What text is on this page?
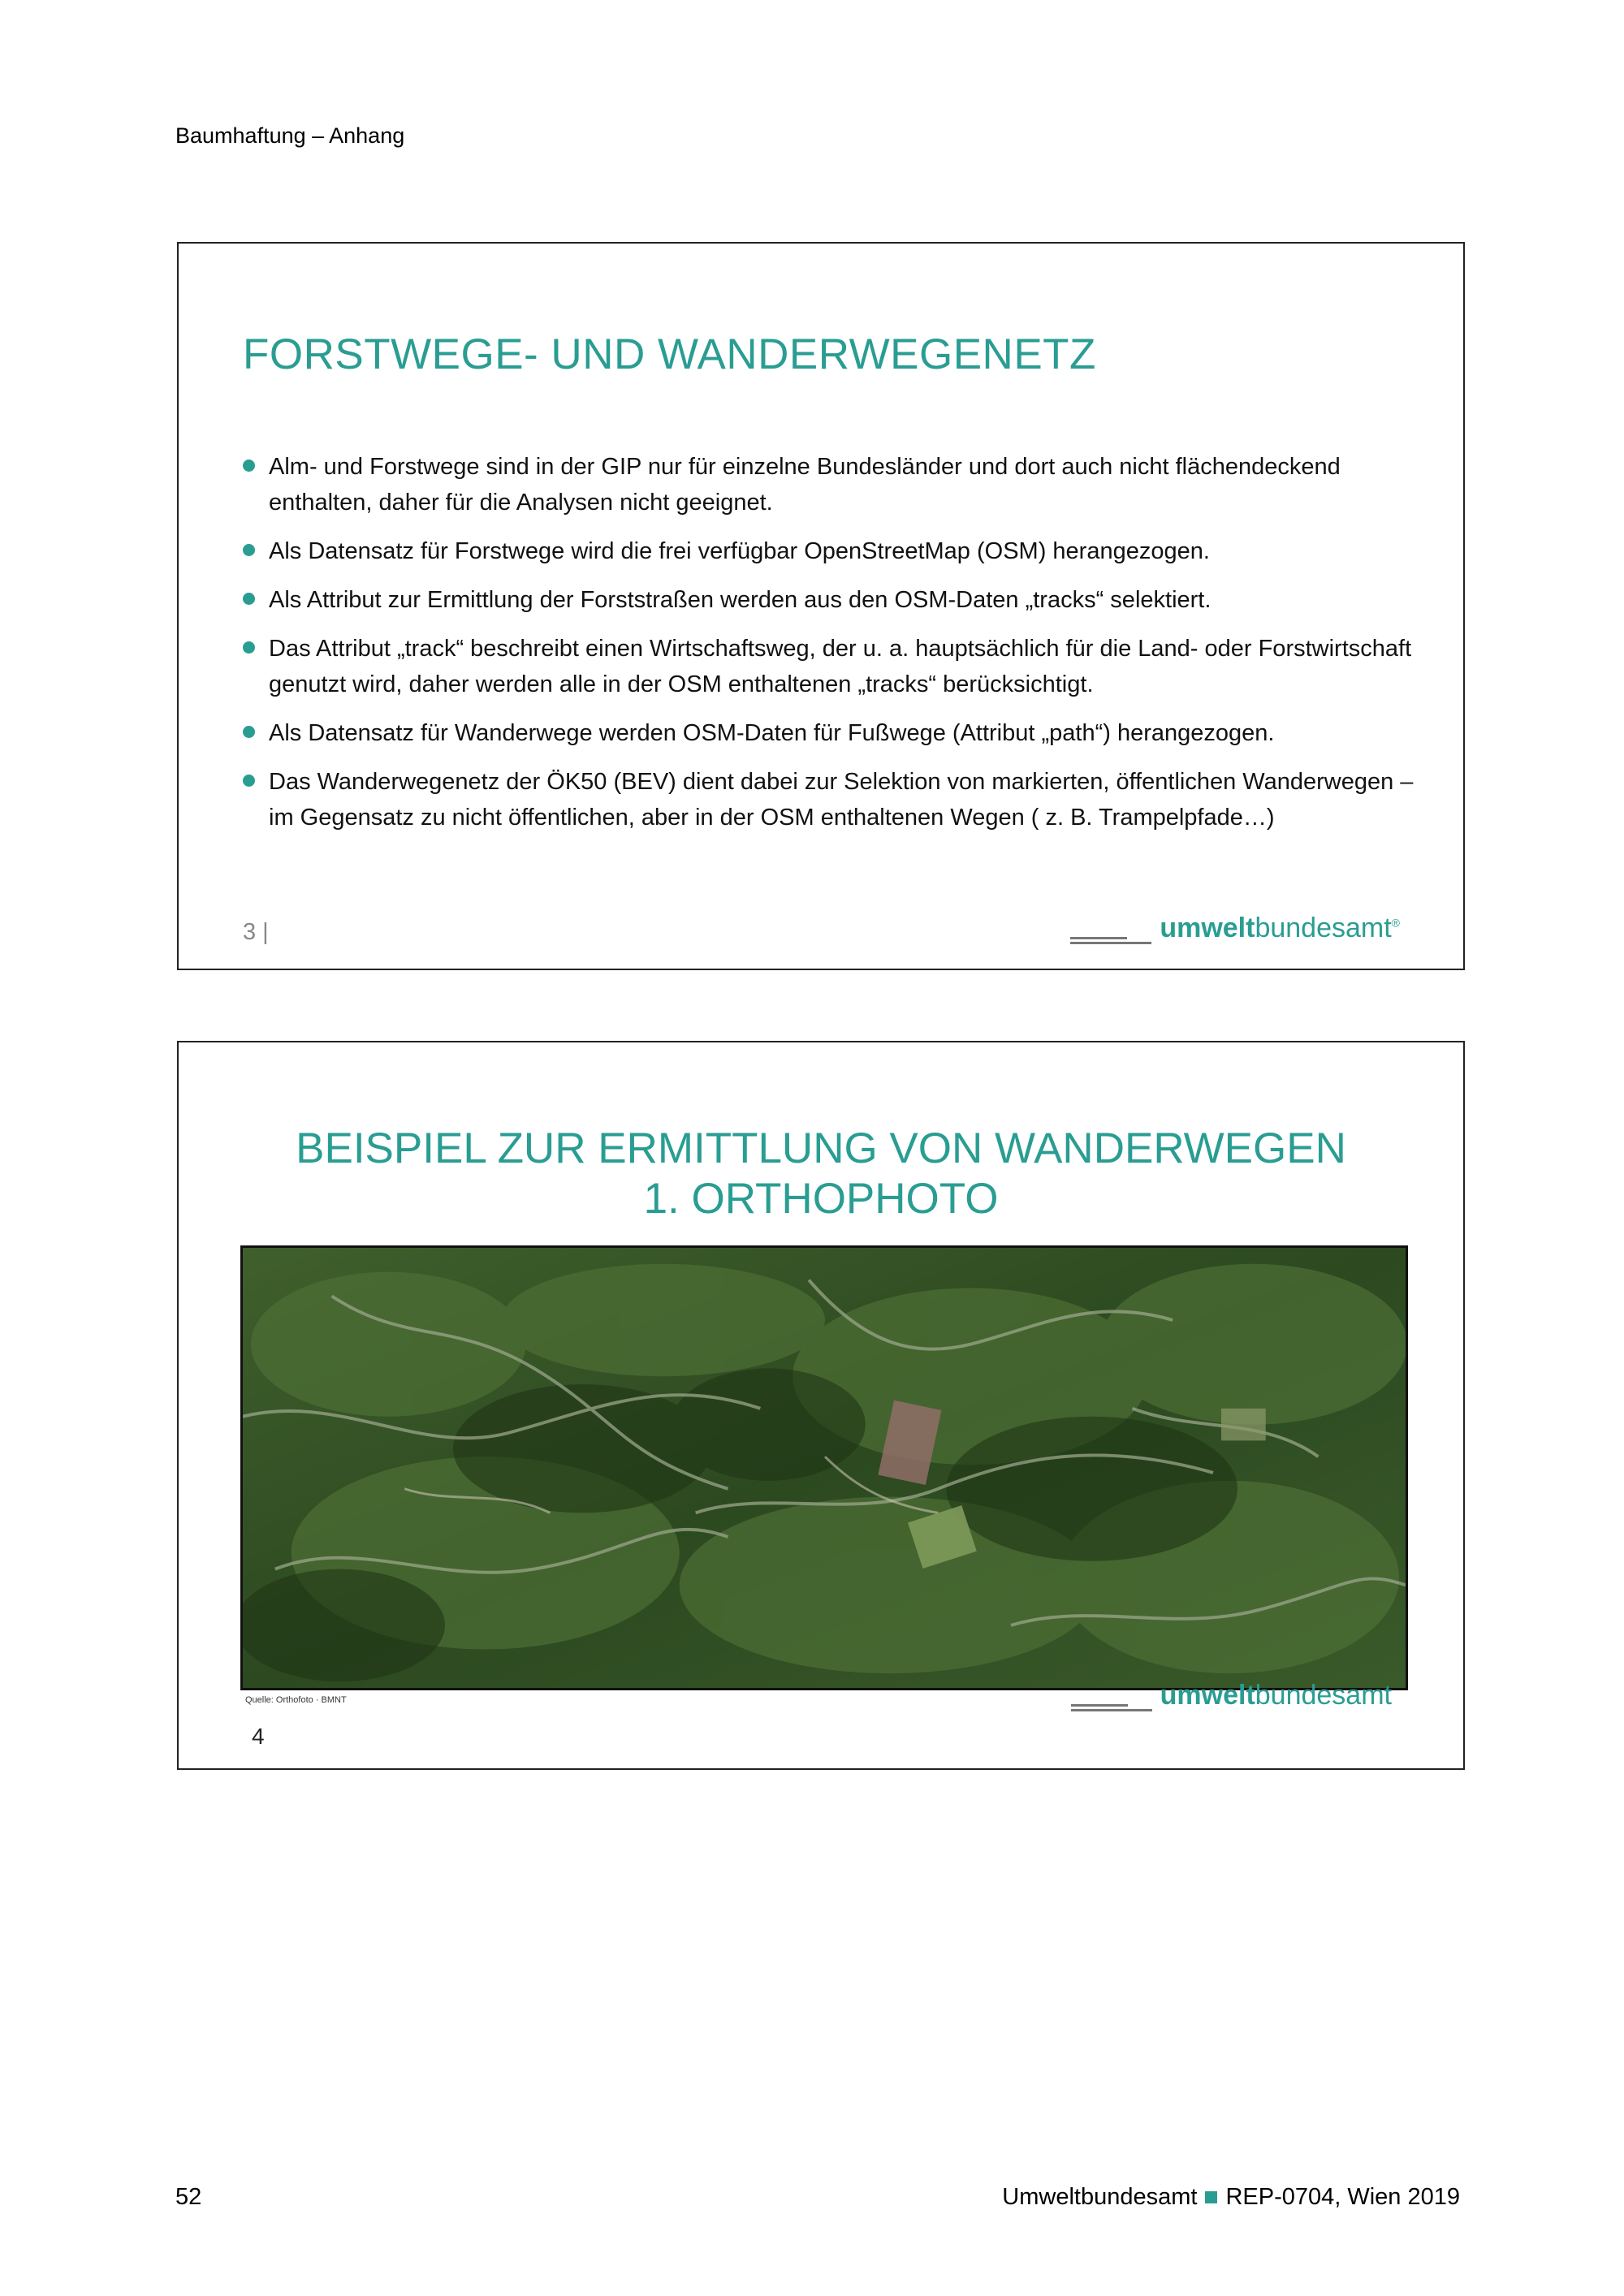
Baumhaftung – Anhang
FORSTWEGE- UND WANDERWEGENETZ
Alm- und Forstwege sind in der GIP nur für einzelne Bundesländer und dort auch nicht flächendeckend enthalten, daher für die Analysen nicht geeignet.
Als Datensatz für Forstwege wird die frei verfügbar OpenStreetMap (OSM) herangezogen.
Als Attribut zur Ermittlung der Forststraßen werden aus den OSM-Daten „tracks“ selektiert.
Das Attribut „track“ beschreibt einen Wirtschaftsweg, der u. a. hauptsächlich für die Land- oder Forstwirtschaft genutzt wird, daher werden alle in der OSM enthaltenen „tracks“ berücksichtigt.
Als Datensatz für Wanderwege werden OSM-Daten für Fußwege (Attribut „path“) herangezogen.
Das Wanderwegenetz der ÖK50 (BEV) dient dabei zur Selektion von markierten, öffentlichen Wanderwegen – im Gegensatz zu nicht öffentlichen, aber in der OSM enthaltenen Wegen ( z. B. Trampelpfade…)
3 |	umweltbundesamt®
BEISPIEL ZUR ERMITTLUNG VON WANDERWEGEN
1. ORTHOPHOTO
Quelle: Orthofoto · BMNT
4
umweltbundesamt
52	Umweltbundesamt REP-0704, Wien 2019
